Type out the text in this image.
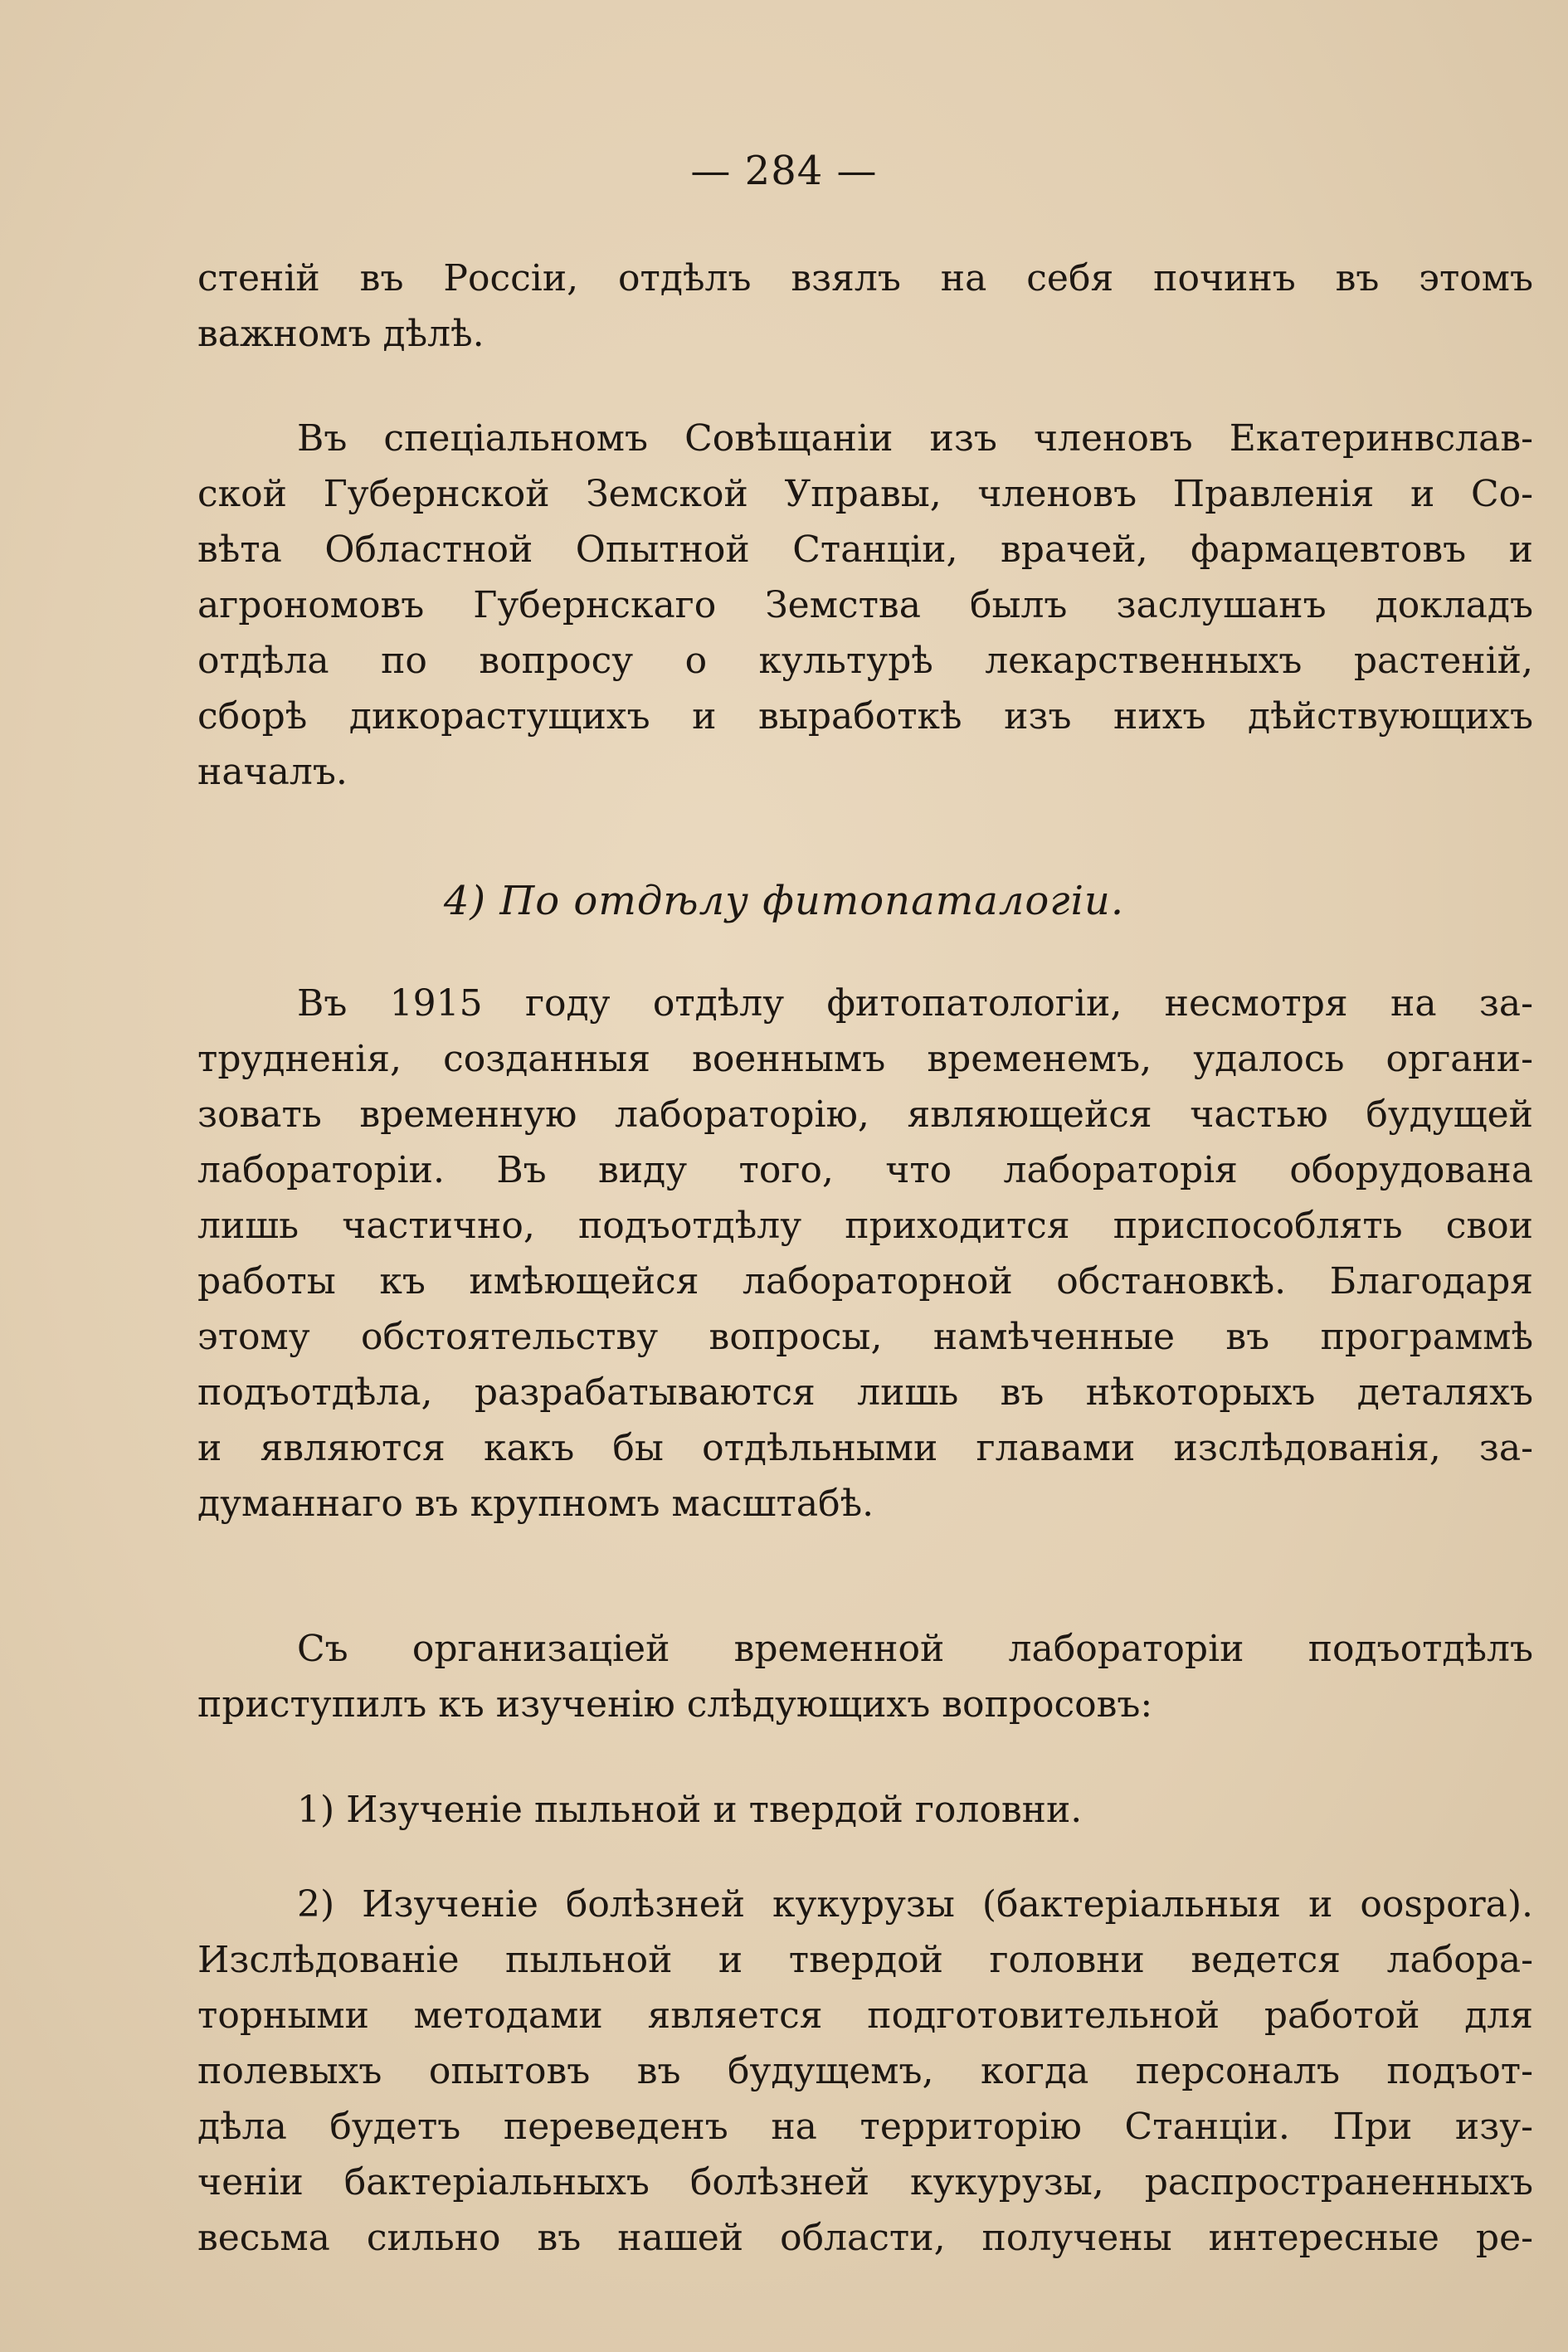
— 284 —
стеній въ Россіи, отдѣлъ взялъ на себя починъ въ этомъ
важномъ дѣлѣ.
Въ спеціальномъ Совѣщаніи изъ членовъ Екатеринвслав-
ской Губернской Земской Управы, членовъ Правленія и Со-
вѣта Областной Опытной Станціи, врачей, фармацевтовъ и
агрономовъ Губернскаго Земства былъ заслушанъ докладъ
отдѣла по вопросу о культурѣ лекарственныхъ растеній,
сборѣ дикорастущихъ и выработкѣ изъ нихъ дѣйствующихъ
началъ.
4) По отдѣлу фитопаталогіи.
Въ 1915 году отдѣлу фитопатологіи, несмотря на за-
трудненія, созданныя военнымъ временемъ, удалось органи-
зовать временную лабораторію, являющейся частью будущей
лабораторіи. Въ виду того, что лабораторія оборудована
лишь частично, подъотдѣлу приходится приспособлять свои
работы къ имѣющейся лабораторной обстановкѣ. Благодаря
этому обстоятельству вопросы, намѣченные въ программѣ
подъотдѣла, разрабатываются лишь въ нѣкоторыхъ деталяхъ
и являются какъ бы отдѣльными главами изслѣдованія, за-
думаннаго въ крупномъ масштабѣ.
Съ организаціей временной лабораторіи подъотдѣлъ
приступилъ къ изученію слѣдующихъ вопросовъ:
1) Изученіе пыльной и твердой головни.
2) Изученіе болѣзней кукурузы (бактеріальныя и oospora).
Изслѣдованіе пыльной и твердой головни ведется лабора-
торными методами является подготовительной работой для
полевыхъ опытовъ въ будущемъ, когда персоналъ подъот-
дѣла будетъ переведенъ на территорію Станціи. При изу-
ченіи бактеріальныхъ болѣзней кукурузы, распространенныхъ
весьма сильно въ нашей области, получены интересные ре-
